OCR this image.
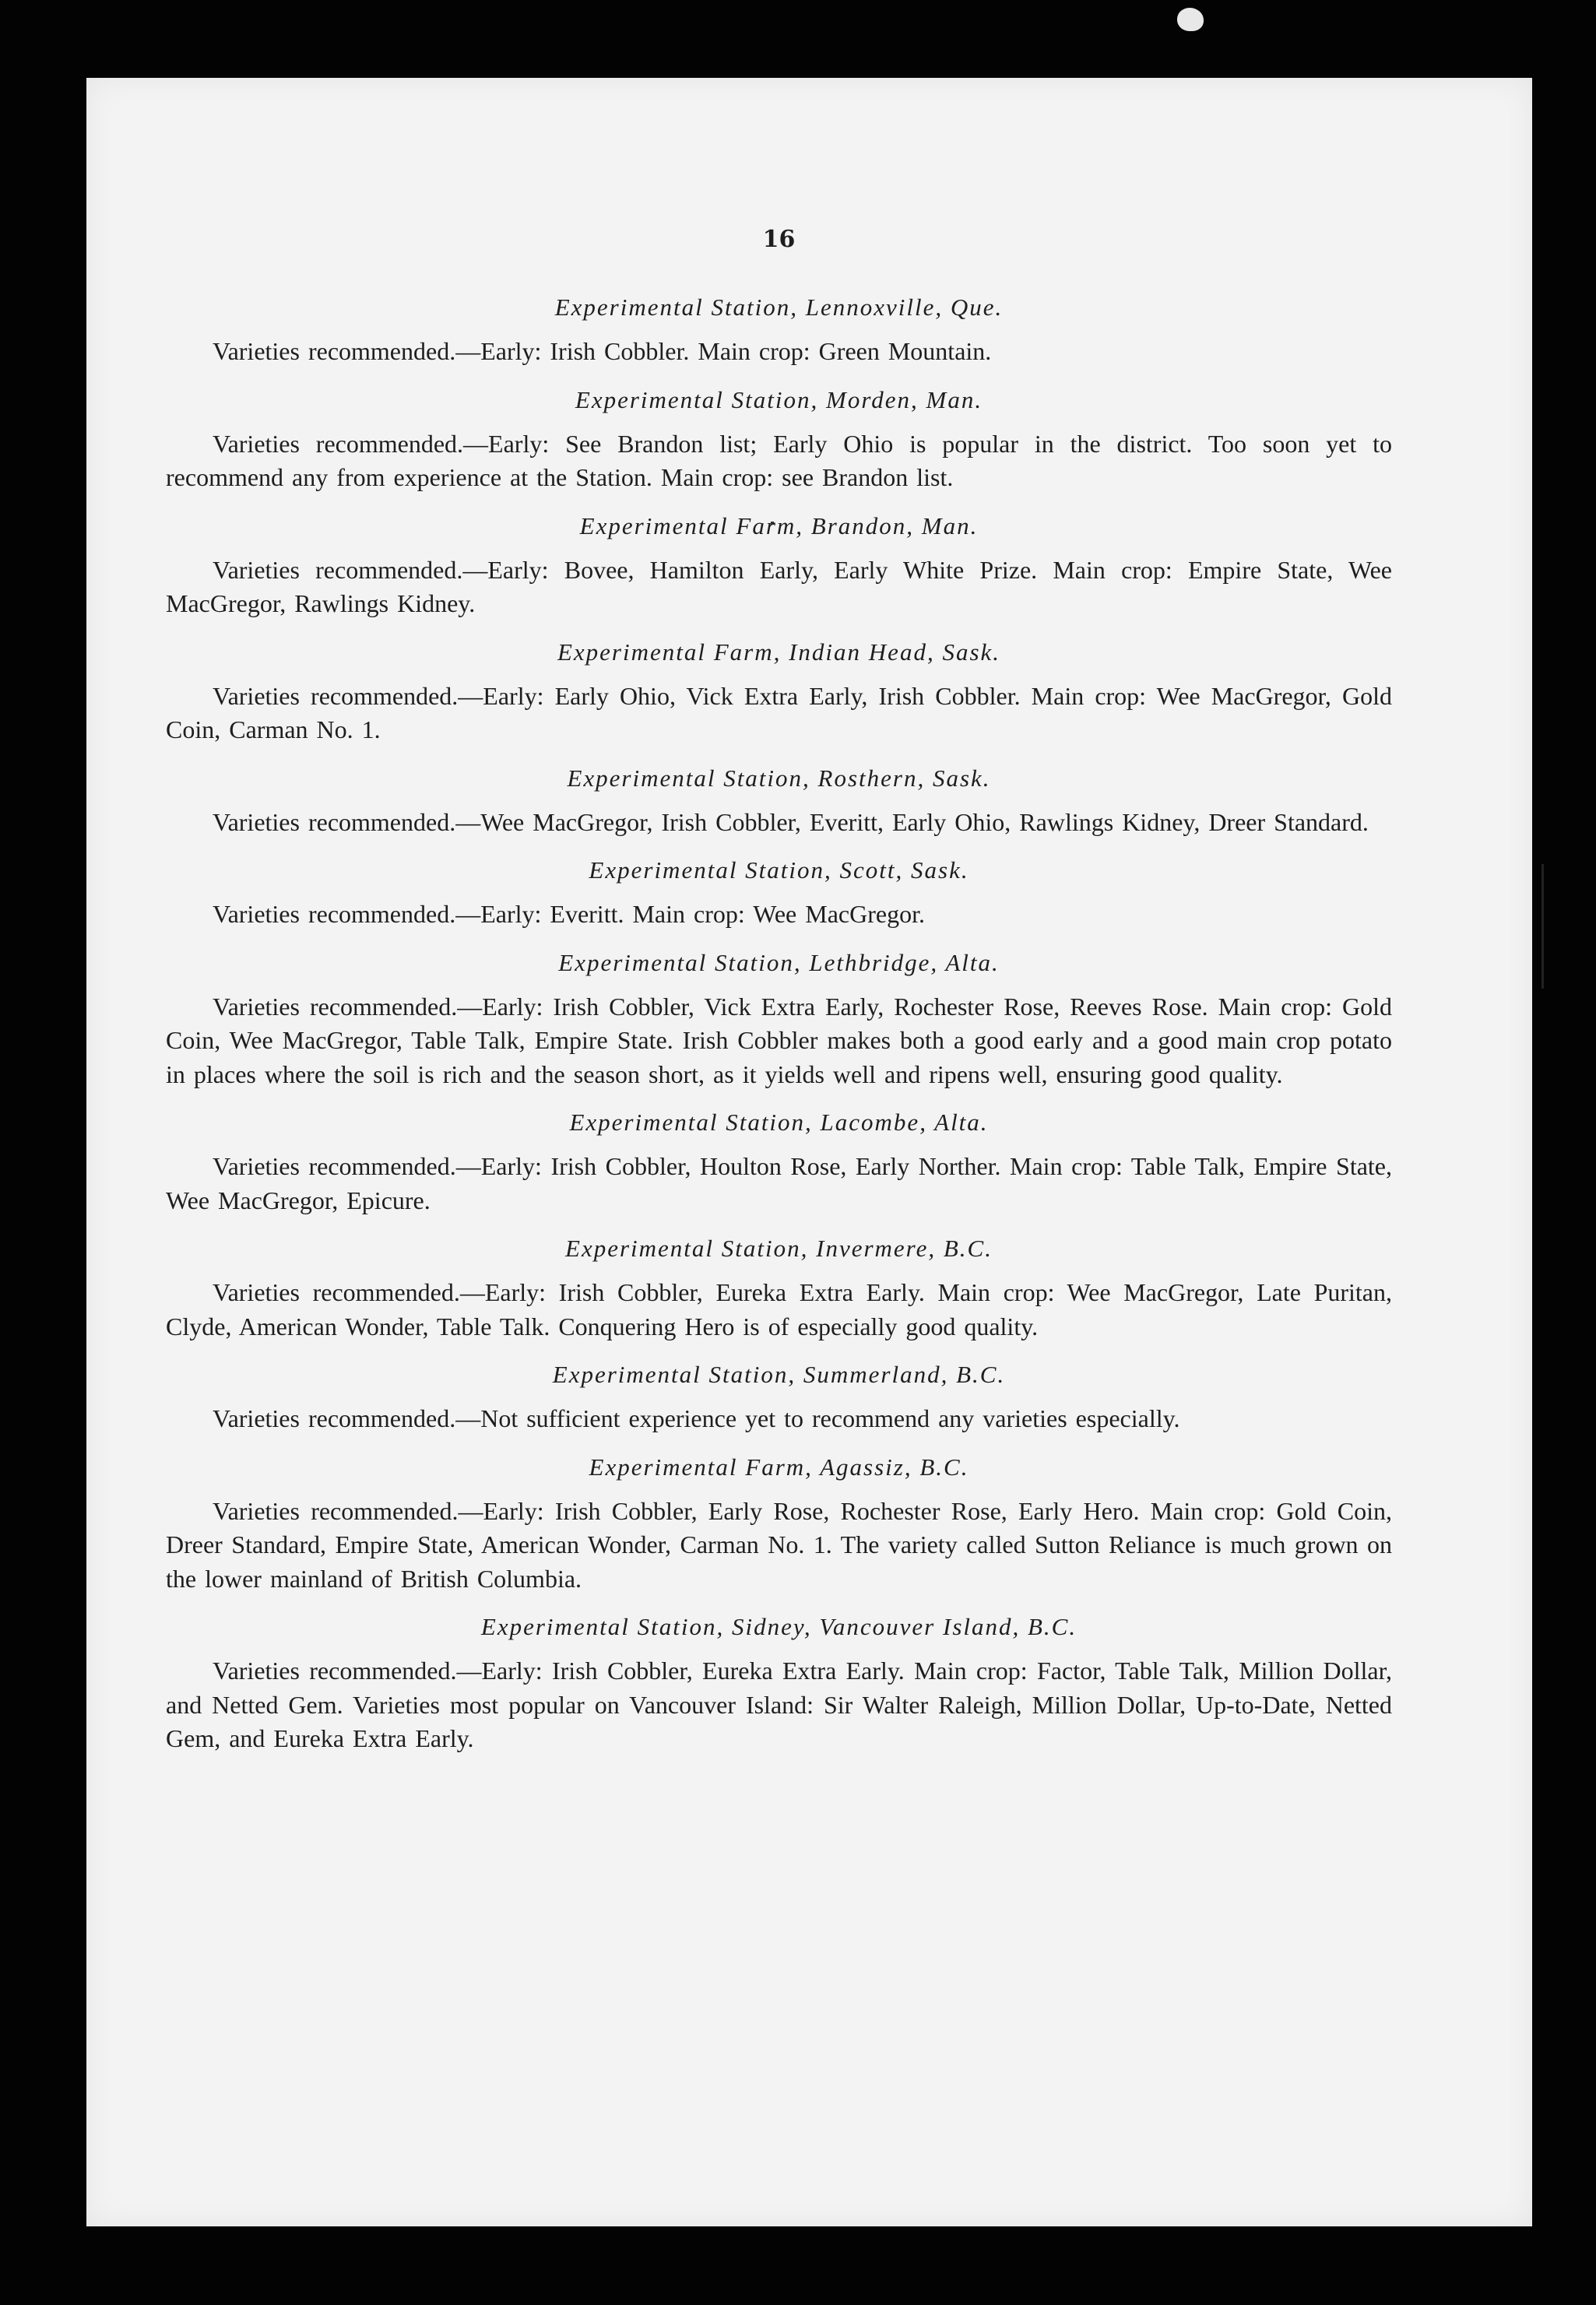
16
Experimental Station, Lennoxville, Que.

Varieties recommended.—Early: Irish Cobbler. Main crop: Green Mountain.

Experimental Station, Morden, Man.

Varieties recommended.—Early: See Brandon list; Early Ohio is popular in the district. Too soon yet to recommend any from experience at the Station. Main crop: see Brandon list.

Experimental Farm, Brandon, Man.

Varieties recommended.—Early: Bovee, Hamilton Early, Early White Prize. Main crop: Empire State, Wee MacGregor, Rawlings Kidney.

Experimental Farm, Indian Head, Sask.

Varieties recommended.—Early: Early Ohio, Vick Extra Early, Irish Cobbler. Main crop: Wee MacGregor, Gold Coin, Carman No. 1.

Experimental Station, Rosthern, Sask.

Varieties recommended.—Wee MacGregor, Irish Cobbler, Everitt, Early Ohio, Rawlings Kidney, Dreer Standard.

Experimental Station, Scott, Sask.

Varieties recommended.—Early: Everitt. Main crop: Wee MacGregor.

Experimental Station, Lethbridge, Alta.

Varieties recommended.—Early: Irish Cobbler, Vick Extra Early, Rochester Rose, Reeves Rose. Main crop: Gold Coin, Wee MacGregor, Table Talk, Empire State. Irish Cobbler makes both a good early and a good main crop potato in places where the soil is rich and the season short, as it yields well and ripens well, ensuring good quality.

Experimental Station, Lacombe, Alta.

Varieties recommended.—Early: Irish Cobbler, Houlton Rose, Early Norther. Main crop: Table Talk, Empire State, Wee MacGregor, Epicure.

Experimental Station, Invermere, B.C.

Varieties recommended.—Early: Irish Cobbler, Eureka Extra Early. Main crop: Wee MacGregor, Late Puritan, Clyde, American Wonder, Table Talk. Conquering Hero is of especially good quality.

Experimental Station, Summerland, B.C.

Varieties recommended.—Not sufficient experience yet to recommend any varieties especially.

Experimental Farm, Agassiz, B.C.

Varieties recommended.—Early: Irish Cobbler, Early Rose, Rochester Rose, Early Hero. Main crop: Gold Coin, Dreer Standard, Empire State, American Wonder, Carman No. 1. The variety called Sutton Reliance is much grown on the lower mainland of British Columbia.

Experimental Station, Sidney, Vancouver Island, B.C.

Varieties recommended.—Early: Irish Cobbler, Eureka Extra Early. Main crop: Factor, Table Talk, Million Dollar, and Netted Gem. Varieties most popular on Vancouver Island: Sir Walter Raleigh, Million Dollar, Up-to-Date, Netted Gem, and Eureka Extra Early.
